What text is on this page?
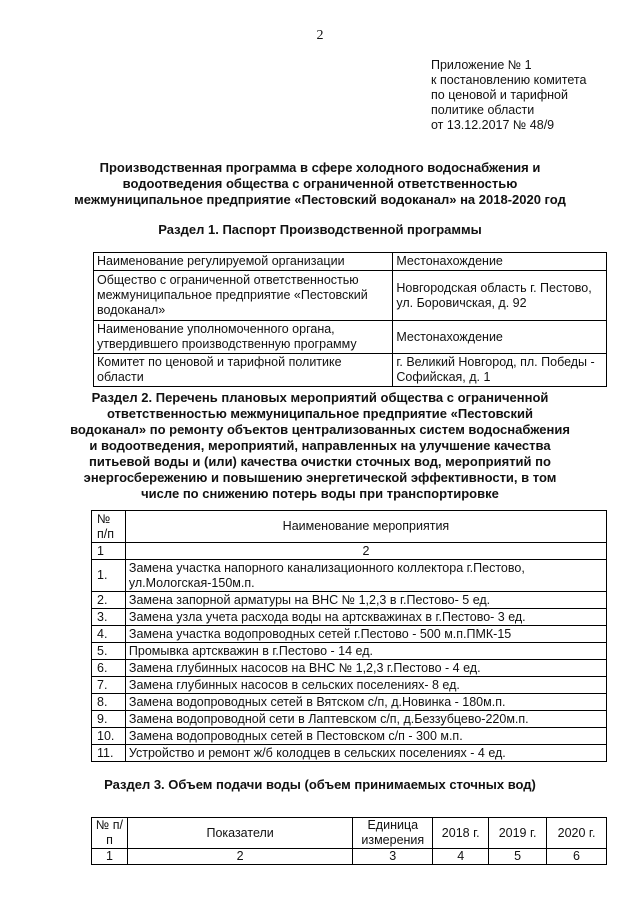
2
Приложение № 1
к постановлению комитета
по ценовой и тарифной
политике области
от 13.12.2017 № 48/9
Производственная программа в сфере холодного водоснабжения и
водоотведения общества с ограниченной ответственностью
межмуниципальное предприятие «Пестовский водоканал» на 2018-2020 год
Раздел 1. Паспорт Производственной программы
Наименование регулируемой организации	Местонахождение
Общество с ограниченной ответственностью межмуниципальное предприятие «Пестовский водоканал»	Новгородская область г. Пестово, ул. Боровичская, д. 92
Наименование уполномоченного органа, утвердившего производственную программу	Местонахождение
Комитет по ценовой и тарифной политике области	г. Великий Новгород, пл. Победы - Софийская, д. 1
Раздел 2. Перечень плановых мероприятий общества с ограниченной
ответственностью межмуниципальное предприятие «Пестовский
водоканал» по ремонту объектов централизованных систем водоснабжения
и водоотведения, мероприятий, направленных на улучшение качества
питьевой воды и (или) качества очистки сточных вод, мероприятий по
энергосбережению и повышению энергетической эффективности, в том
числе по снижению потерь воды при транспортировке
№ п/п	Наименование мероприятия
1	2
1.	Замена участка напорного канализационного коллектора г.Пестово, ул.Мологская-150м.п.
2.	Замена запорной арматуры на ВНС № 1,2,3 в г.Пестово- 5 ед.
3.	Замена узла учета расхода воды на артскважинах в г.Пестово- 3 ед.
4.	Замена участка водопроводных сетей г.Пестово - 500 м.п.ПМК-15
5.	Промывка артскважин в г.Пестово - 14 ед.
6.	Замена глубинных насосов на ВНС № 1,2,3 г.Пестово - 4 ед.
7.	Замена глубинных насосов в сельских поселениях- 8 ед.
8.	Замена водопроводных сетей в Вятском с/п, д.Новинка - 180м.п.
9.	Замена водопроводной сети в Лаптевском с/п, д.Беззубцево-220м.п.
10.	Замена водопроводных сетей в Пестовском с/п - 300 м.п.
11.	Устройство и ремонт ж/б колодцев в сельских поселениях - 4 ед.
Раздел 3. Объем подачи воды (объем принимаемых сточных вод)
№ п/п	Показатели	Единица измерения	2018 г.	2019 г.	2020 г.
1	2	3	4	5	6
